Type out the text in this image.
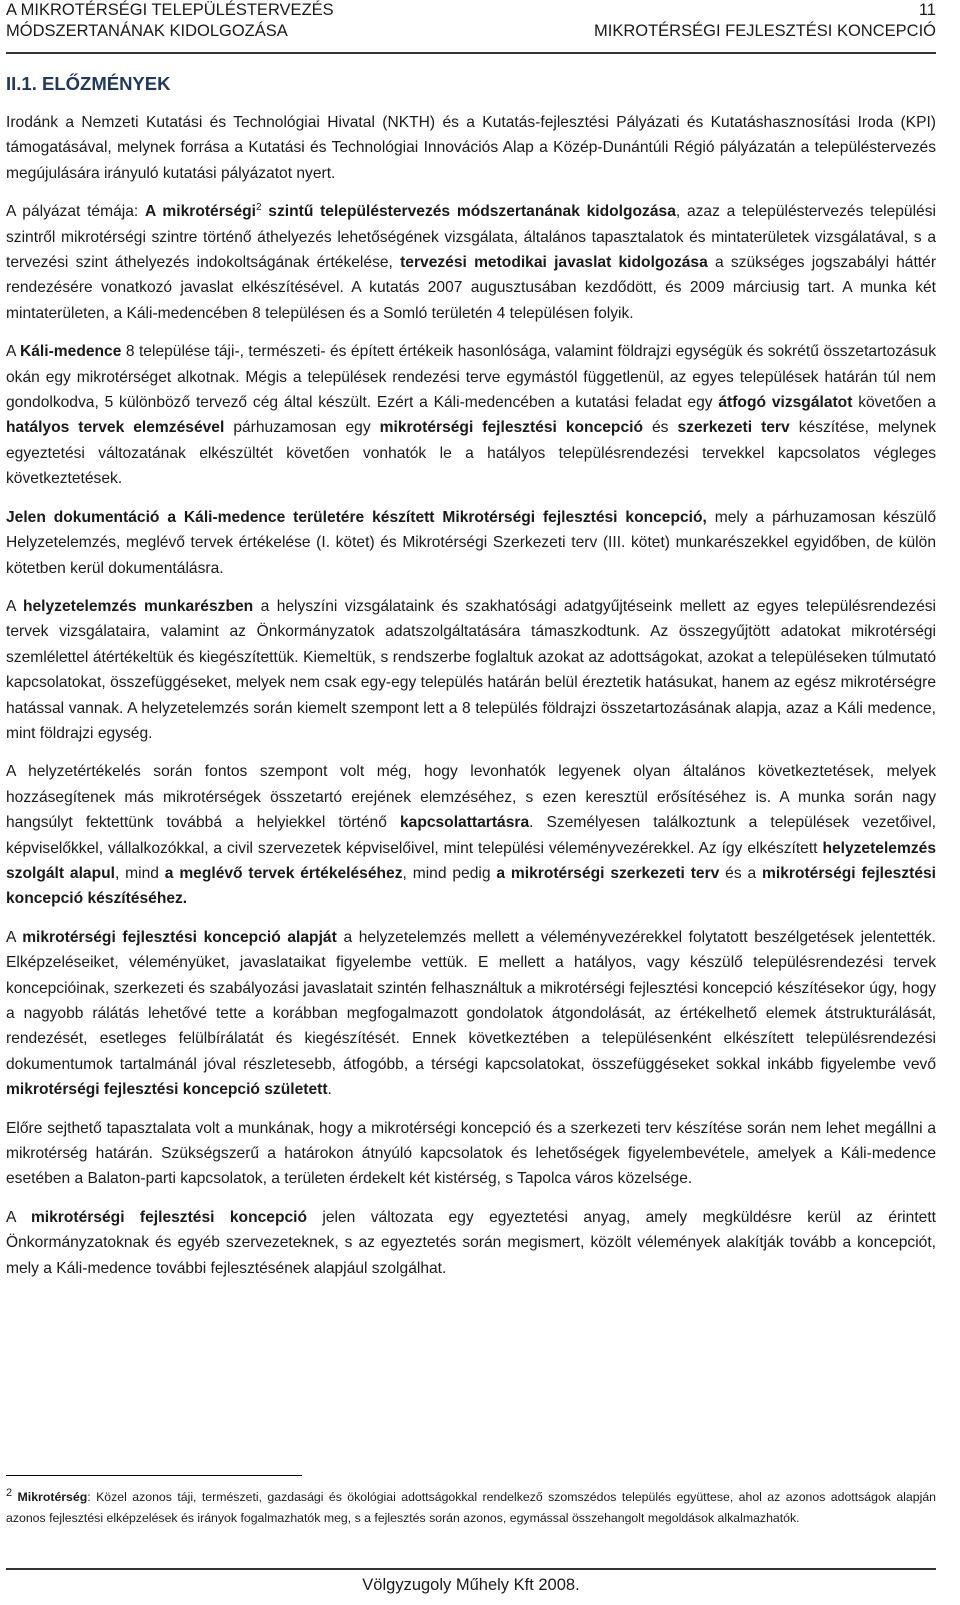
A MIKROTÉRSÉGI TELEPÜLÉSTERVEZÉS	11
MÓDSZERTANÁNAK KIDOLGOZÁSA	MIKROTÉRSÉGI FEJLESZTÉSI KONCEPCIÓ
II.1. ELŐZMÉNYEK

Irodánk a Nemzeti Kutatási és Technológiai Hivatal (NKTH) és a Kutatás-fejlesztési Pályázati és Kutatáshasznosítási Iroda (KPI) támogatásával, melynek forrása a Kutatási és Technológiai Innovációs Alap a Közép-Dunántúli Régió pályázatán a településtervezés megújulására irányuló kutatási pályázatot nyert.

A pályázat témája: A mikrotérségi$^2$ szintű településtervezés módszertanának kidolgozása, azaz a településtervezés települési szintről mikrotérségi szintre történő áthelyezés lehetőségének vizsgálata, általános tapasztalatok és mintaterületek vizsgálatával, s a tervezési szint áthelyezés indokoltságának értékelése, tervezési metodikai javaslat kidolgozása a szükséges jogszabályi háttér rendezésére vonatkozó javaslat elkészítésével. A kutatás 2007 augusztusában kezdődött, és 2009 márciusig tart. A munka két mintaterületen, a Káli-medencében 8 településen és a Somló területén 4 településen folyik.

A Káli-medence 8 települése táji-, természeti- és épített értékeik hasonlósága, valamint földrajzi egységük és sokrétű összetartozásuk okán egy mikrotérséget alkotnak. Mégis a települések rendezési terve egymástól függetlenül, az egyes települések határán túl nem gondolkodva, 5 különböző tervező cég által készült. Ezért a Káli-medencében a kutatási feladat egy átfogó vizsgálatot követően a hatályos tervek elemzésével párhuzamosan egy mikrotérségi fejlesztési koncepció és szerkezeti terv készítése, melynek egyeztetési változatának elkészültét követően vonhatók le a hatályos településrendezési tervekkel kapcsolatos végleges következtetések.

Jelen dokumentáció a Káli-medence területére készített Mikrotérségi fejlesztési koncepció, mely a párhuzamosan készülő Helyzetelemzés, meglévő tervek értékelése (I. kötet) és Mikrotérségi Szerkezeti terv (III. kötet) munkarészekkel egyidőben, de külön kötetben kerül dokumentálásra.

A helyzetelemzés munkarészben a helyszíni vizsgálataink és szakhatósági adatgyűjtéseink mellett az egyes településrendezési tervek vizsgálataira, valamint az Önkormányzatok adatszolgáltatására támaszkodtunk. Az összegyűjtött adatokat mikrotérségi szemlélettel átértékeltük és kiegészítettük. Kiemeltük, s rendszerbe foglaltuk azokat az adottságokat, azokat a településeken túlmutató kapcsolatokat, összefüggéseket, melyek nem csak egy-egy település határán belül éreztetik hatásukat, hanem az egész mikrotérségre hatással vannak. A helyzetelemzés során kiemelt szempont lett a 8 település földrajzi összetartozásának alapja, azaz a Káli medence, mint földrajzi egység.

A helyzetértékelés során fontos szempont volt még, hogy levonhatók legyenek olyan általános következtetések, melyek hozzásegítenek más mikrotérségek összetartó erejének elemzéséhez, s ezen keresztül erősítéséhez is. A munka során nagy hangsúlyt fektettünk továbbá a helyiekkel történő kapcsolattartásra. Személyesen találkoztunk a települések vezetőivel, képviselőkkel, vállalkozókkal, a civil szervezetek képviselőivel, mint települési véleményvezérekkel. Az így elkészített helyzetelemzés szolgált alapul, mind a meglévő tervek értékeléséhez, mind pedig a mikrotérségi szerkezeti terv és a mikrotérségi fejlesztési koncepció készítéséhez.

A mikrotérségi fejlesztési koncepció alapját a helyzetelemzés mellett a véleményvezérekkel folytatott beszélgetések jelentették. Elképzeléseiket, véleményüket, javaslataikat figyelembe vettük. E mellett a hatályos, vagy készülő településrendezési tervek koncepcióinak, szerkezeti és szabályozási javaslatait szintén felhasználtuk a mikrotérségi fejlesztési koncepció készítésekor úgy, hogy a nagyobb rálátás lehetővé tette a korábban megfogalmazott gondolatok átgondolását, az értékelhető elemek átstrukturálását, rendezését, esetleges felülbírálatát és kiegészítését. Ennek következtében a településenként elkészített településrendezési dokumentumok tartalmánál jóval részletesebb, átfogóbb, a térségi kapcsolatokat, összefüggéseket sokkal inkább figyelembe vevő mikrotérségi fejlesztési koncepció született.

Előre sejthető tapasztalata volt a munkának, hogy a mikrotérségi koncepció és a szerkezeti terv készítése során nem lehet megállni a mikrotérség határán. Szükségszerű a határokon átnyúló kapcsolatok és lehetőségek figyelembevétele, amelyek a Káli-medence esetében a Balaton-parti kapcsolatok, a területen érdekelt két kistérség, s Tapolca város közelsége.

A mikrotérségi fejlesztési koncepció jelen változata egy egyeztetési anyag, amely megküldésre kerül az érintett Önkormányzatoknak és egyéb szervezeteknek, s az egyeztetés során megismert, közölt vélemények alakítják tovább a koncepciót, mely a Káli-medence további fejlesztésének alapjául szolgálhat.

$^2$ Mikrotérség: Közel azonos táji, természeti, gazdasági és ökológiai adottságokkal rendelkező szomszédos település együttese, ahol az azonos adottságok alapján azonos fejlesztési elképzelések és irányok fogalmazhatók meg, s a fejlesztés során azonos, egymással összehangolt megoldások alkalmazhatók.
Völgyzugoly Műhely Kft 2008.
